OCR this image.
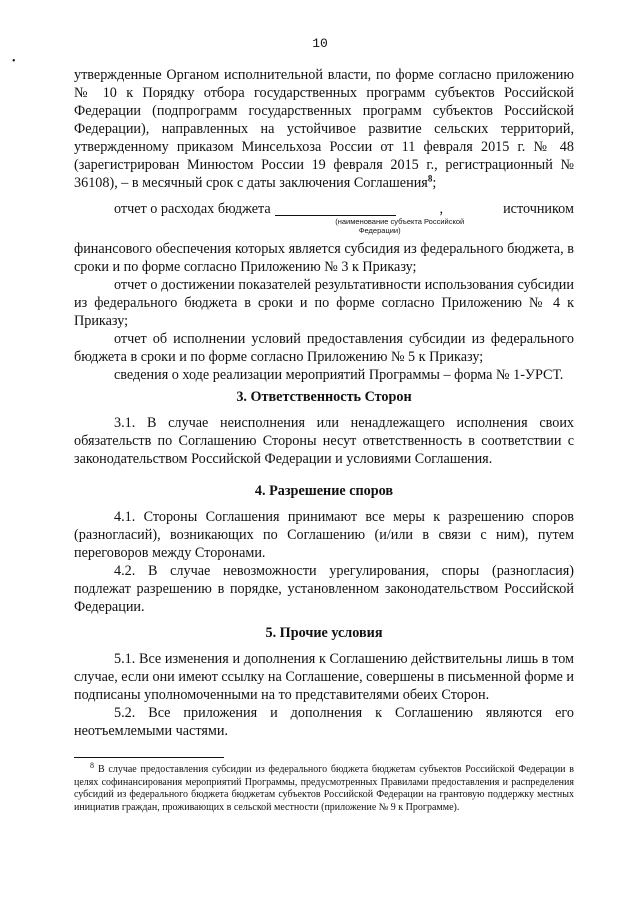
10
•

утвержденные Органом исполнительной власти, по форме согласно приложению № 10 к Порядку отбора государственных программ субъектов Российской Федерации (подпрограмм государственных программ субъектов Российской Федерации), направленных на устойчивое развитие сельских территорий, утвержденному приказом Минсельхоза России от 11 февраля 2015 г. № 48 (зарегистрирован Минюстом России 19 февраля 2015 г., регистрационный № 36108), – в месячный срок с даты заключения Соглашения$^8$;

отчет о расходах бюджета
(наименование субъекта Российской Федерации)
,	источником

финансового обеспечения которых является субсидия из федерального бюджета, в сроки и по форме согласно Приложению № 3 к Приказу;

отчет о достижении показателей результативности использования субсидии из федерального бюджета в сроки и по форме согласно Приложению № 4 к Приказу;

отчет об исполнении условий предоставления субсидии из федерального бюджета в сроки и по форме согласно Приложению № 5 к Приказу;

сведения о ходе реализации мероприятий Программы – форма № 1-УРСТ.

3. Ответственность Сторон

3.1. В случае неисполнения или ненадлежащего исполнения своих обязательств по Соглашению Стороны несут ответственность в соответствии с законодательством Российской Федерации и условиями Соглашения.

4. Разрешение споров

4.1. Стороны Соглашения принимают все меры к разрешению споров (разногласий), возникающих по Соглашению (и/или в связи с ним), путем переговоров между Сторонами.

4.2. В случае невозможности урегулирования, споры (разногласия) подлежат разрешению в порядке, установленном законодательством Российской Федерации.

5. Прочие условия

5.1. Все изменения и дополнения к Соглашению действительны лишь в том случае, если они имеют ссылку на Соглашение, совершены в письменной форме и подписаны уполномоченными на то представителями обеих Сторон.

5.2. Все приложения и дополнения к Соглашению являются его неотъемлемыми частями.

$^8$ В случае предоставления субсидии из федерального бюджета бюджетам субъектов Российской Федерации в целях софинансирования мероприятий Программы, предусмотренных Правилами предоставления и распределения субсидий из федерального бюджета бюджетам субъектов Российской Федерации на грантовую поддержку местных инициатив граждан, проживающих в сельской местности (приложение № 9 к Программе).
